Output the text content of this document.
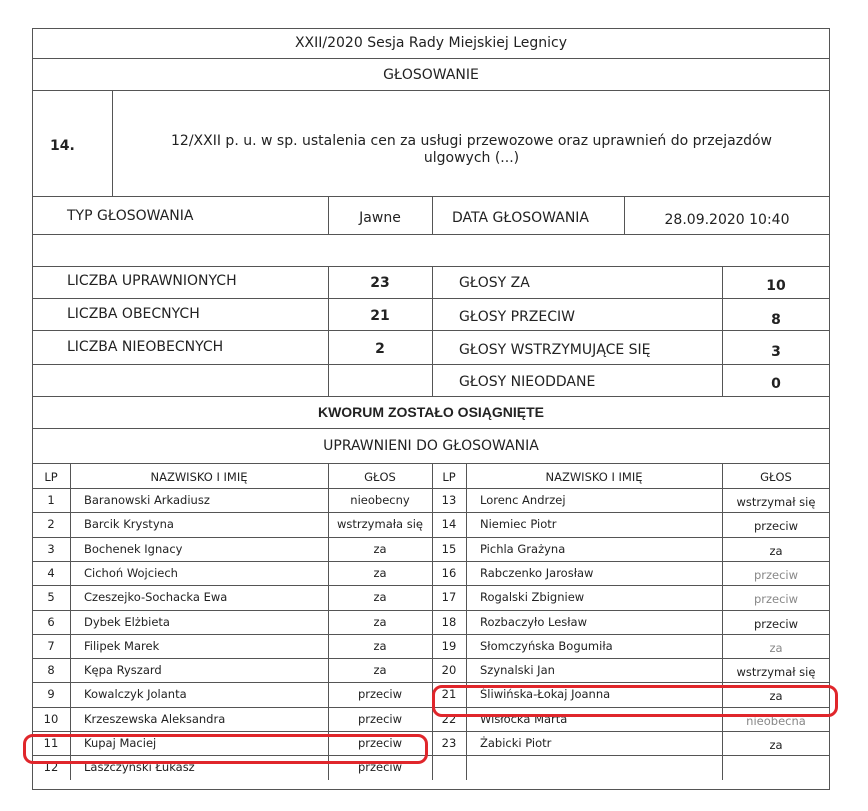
XXII/2020 Sesja Rady Miejskiej Legnicy
GŁOSOWANIE
14.	12/XXII p. u. w sp. ustalenia cen za usługi przewozowe oraz uprawnień do przejazdów
ulgowych (...)
TYP GŁOSOWANIA	Jawne	DATA GŁOSOWANIA	28.09.2020 10:40
LICZBA UPRAWNIONYCH	23
LICZBA OBECNYCH	21
LICZBA NIEOBECNYCH	2
GŁOSY ZA	10
GŁOSY PRZECIW	8
GŁOSY WSTRZYMUJĄCE SIĘ	3
GŁOSY NIEODDANE	0
KWORUM ZOSTAŁO OSIĄGNIĘTE
UPRAWNIENI DO GŁOSOWANIA
LP	NAZWISKO I IMIĘ	GŁOS	LP	NAZWISKO I IMIĘ	GŁOS
1	Baranowski Arkadiusz	nieobecny
2	Barcik Krystyna	wstrzymała się
3	Bochenek Ignacy	za
4	Cichoń Wojciech	za
5	Czeszejko-Sochacka Ewa	za
6	Dybek Elżbieta	za
7	Filipek Marek	za
8	Kępa Ryszard	za
9	Kowalczyk Jolanta	przeciw
10	Krzeszewska Aleksandra	przeciw
11	Kupaj Maciej	przeciw
12	Laszczyński Łukasz	przeciw
13	Lorenc Andrzej	wstrzymał się
14	Niemiec Piotr	przeciw
15	Pichla Grażyna	za
16	Rabczenko Jarosław	przeciw
17	Rogalski Zbigniew	przeciw
18	Rozbaczyło Lesław	przeciw
19	Słomczyńska Bogumiła	za
20	Szynalski Jan	wstrzymał się
21	Śliwińska-Łokaj Joanna	za
22	Wisłocka Marta	nieobecna
23	Żabicki Piotr	za
